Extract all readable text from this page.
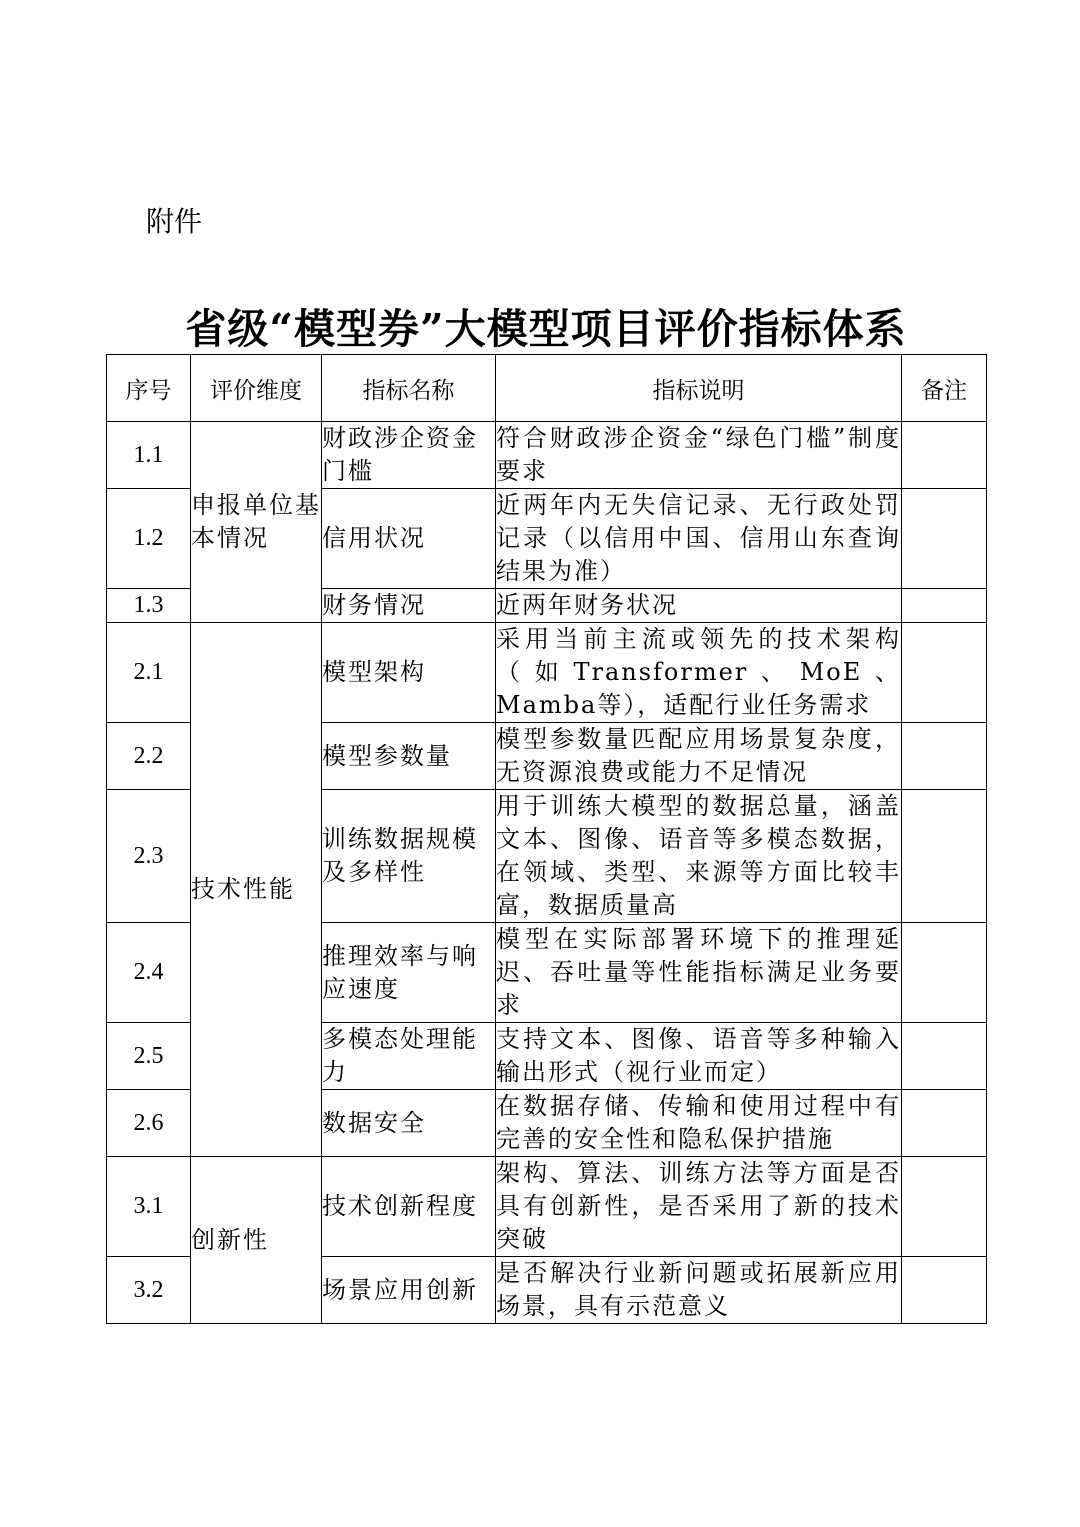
附件
省级“模型券”大模型项目评价指标体系
序号	评价维度	指标名称	指标说明	备注
1.1	申报单位基本情况	财政涉企资金门槛	符合财政涉企资金“绿色门槛”制度要求	
1.2		信用状况	近两年内无失信记录、无行政处罚记录（以信用中国、信用山东查询结果为准）	
1.3		财务情况	近两年财务状况	
2.1	技术性能	模型架构	采用当前主流或领先的技术架构（如Transformer、MoE、Mamba等），适配行业任务需求	
2.2		模型参数量	模型参数量匹配应用场景复杂度，无资源浪费或能力不足情况	
2.3		训练数据规模及多样性	用于训练大模型的数据总量，涵盖文本、图像、语音等多模态数据，在领域、类型、来源等方面比较丰富，数据质量高	
2.4		推理效率与响应速度	模型在实际部署环境下的推理延迟、吞吐量等性能指标满足业务要求	
2.5		多模态处理能力	支持文本、图像、语音等多种输入输出形式（视行业而定）	
2.6		数据安全	在数据存储、传输和使用过程中有完善的安全性和隐私保护措施	
3.1	创新性	技术创新程度	架构、算法、训练方法等方面是否具有创新性，是否采用了新的技术突破	
3.2		场景应用创新	是否解决行业新问题或拓展新应用场景，具有示范意义	
